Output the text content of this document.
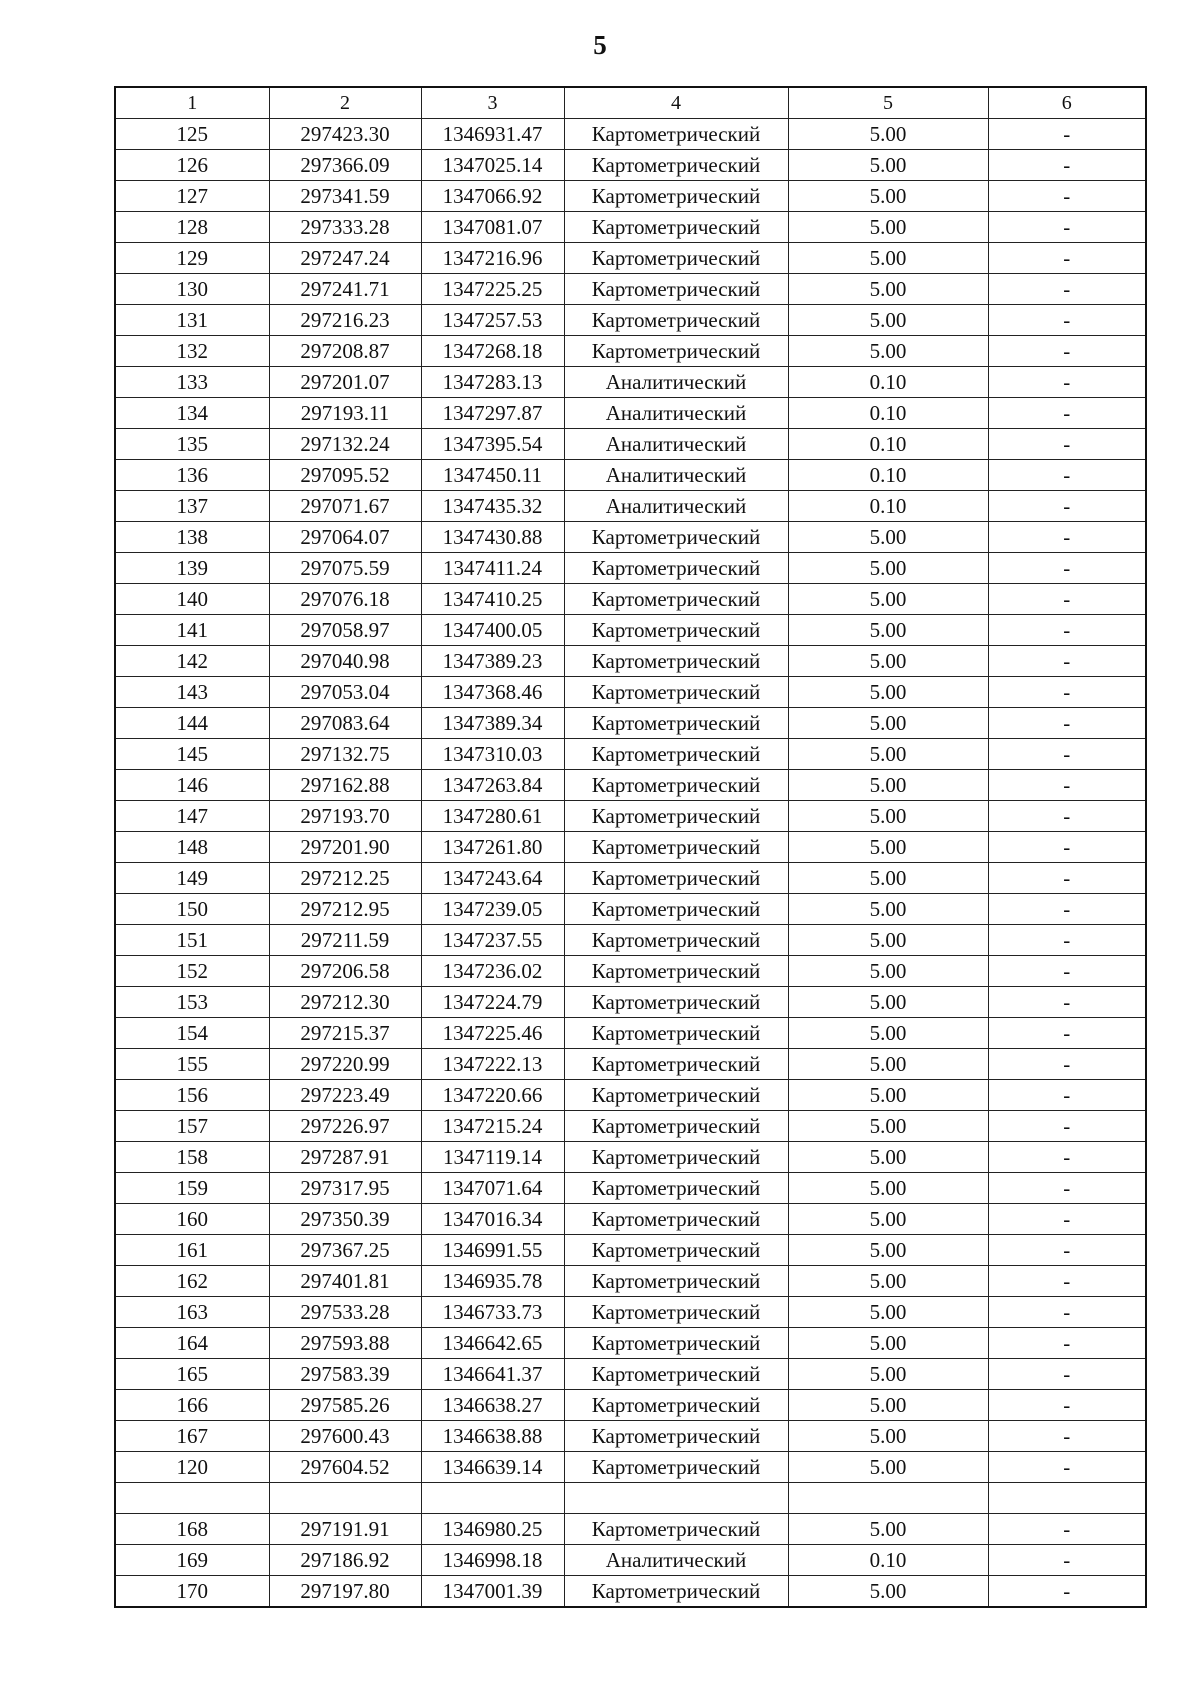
5
1	2	3	4	5	6
125	297423.30	1346931.47	Картометрический	5.00	-
126	297366.09	1347025.14	Картометрический	5.00	-
127	297341.59	1347066.92	Картометрический	5.00	-
128	297333.28	1347081.07	Картометрический	5.00	-
129	297247.24	1347216.96	Картометрический	5.00	-
130	297241.71	1347225.25	Картометрический	5.00	-
131	297216.23	1347257.53	Картометрический	5.00	-
132	297208.87	1347268.18	Картометрический	5.00	-
133	297201.07	1347283.13	Аналитический	0.10	-
134	297193.11	1347297.87	Аналитический	0.10	-
135	297132.24	1347395.54	Аналитический	0.10	-
136	297095.52	1347450.11	Аналитический	0.10	-
137	297071.67	1347435.32	Аналитический	0.10	-
138	297064.07	1347430.88	Картометрический	5.00	-
139	297075.59	1347411.24	Картометрический	5.00	-
140	297076.18	1347410.25	Картометрический	5.00	-
141	297058.97	1347400.05	Картометрический	5.00	-
142	297040.98	1347389.23	Картометрический	5.00	-
143	297053.04	1347368.46	Картометрический	5.00	-
144	297083.64	1347389.34	Картометрический	5.00	-
145	297132.75	1347310.03	Картометрический	5.00	-
146	297162.88	1347263.84	Картометрический	5.00	-
147	297193.70	1347280.61	Картометрический	5.00	-
148	297201.90	1347261.80	Картометрический	5.00	-
149	297212.25	1347243.64	Картометрический	5.00	-
150	297212.95	1347239.05	Картометрический	5.00	-
151	297211.59	1347237.55	Картометрический	5.00	-
152	297206.58	1347236.02	Картометрический	5.00	-
153	297212.30	1347224.79	Картометрический	5.00	-
154	297215.37	1347225.46	Картометрический	5.00	-
155	297220.99	1347222.13	Картометрический	5.00	-
156	297223.49	1347220.66	Картометрический	5.00	-
157	297226.97	1347215.24	Картометрический	5.00	-
158	297287.91	1347119.14	Картометрический	5.00	-
159	297317.95	1347071.64	Картометрический	5.00	-
160	297350.39	1347016.34	Картометрический	5.00	-
161	297367.25	1346991.55	Картометрический	5.00	-
162	297401.81	1346935.78	Картометрический	5.00	-
163	297533.28	1346733.73	Картометрический	5.00	-
164	297593.88	1346642.65	Картометрический	5.00	-
165	297583.39	1346641.37	Картометрический	5.00	-
166	297585.26	1346638.27	Картометрический	5.00	-
167	297600.43	1346638.88	Картометрический	5.00	-
120	297604.52	1346639.14	Картометрический	5.00	-

168	297191.91	1346980.25	Картометрический	5.00	-
169	297186.92	1346998.18	Аналитический	0.10	-
170	297197.80	1347001.39	Картометрический	5.00	-
